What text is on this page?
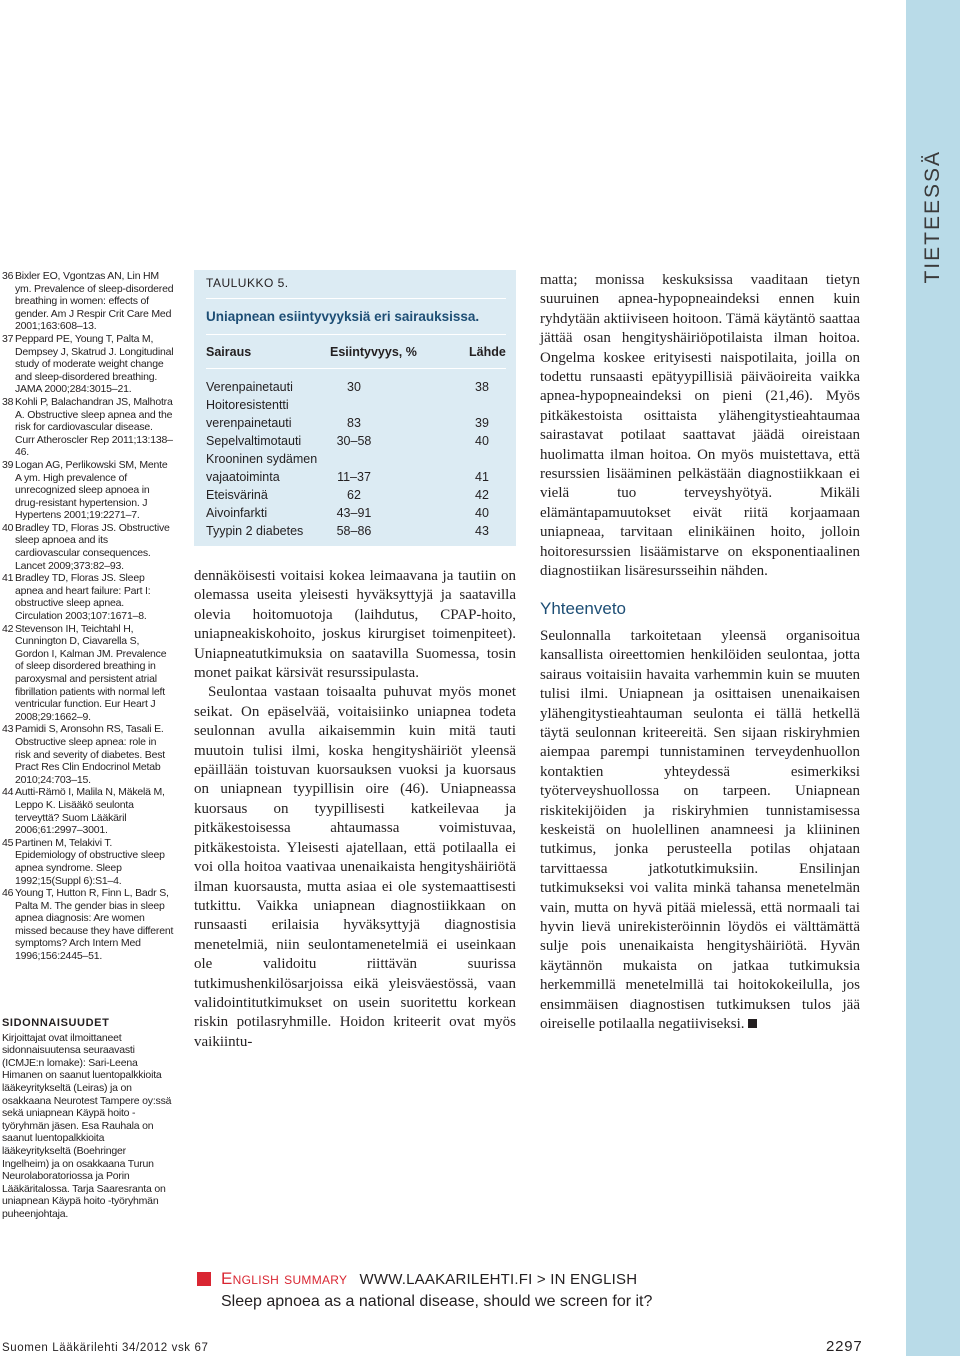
TIETEESSÄ
36 Bixler EO, Vgontzas AN, Lin HM ym. Prevalence of sleep-disordered breathing in women: effects of gender. Am J Respir Crit Care Med 2001;163:608–13.
37 Peppard PE, Young T, Palta M, Dempsey J, Skatrud J. Longitudinal study of moderate weight change and sleep-disordered breathing. JAMA 2000;284:3015–21.
38 Kohli P, Balachandran JS, Malhotra A. Obstructive sleep apnea and the risk for cardiovascular disease. Curr Atheroscler Rep 2011;13:138–46.
39 Logan AG, Perlikowski SM, Mente A ym. High prevalence of unrecognized sleep apnoea in drug-resistant hypertension. J Hypertens 2001;19:2271–7.
40 Bradley TD, Floras JS. Obstructive sleep apnoea and its cardiovascular consequences. Lancet 2009;373:82–93.
41 Bradley TD, Floras JS. Sleep apnea and heart failure: Part I: obstructive sleep apnea. Circulation 2003;107:1671–8.
42 Stevenson IH, Teichtahl H, Cunnington D, Ciavarella S, Gordon I, Kalman JM. Prevalence of sleep disordered breathing in paroxysmal and persistent atrial fibrillation patients with normal left ventricular function. Eur Heart J 2008;29:1662–9.
43 Pamidi S, Aronsohn RS, Tasali E. Obstructive sleep apnea: role in risk and severity of diabetes. Best Pract Res Clin Endocrinol Metab 2010;24:703–15.
44 Autti-Rämö I, Malila N, Mäkelä M, Leppo K. Lisääkö seulonta terveyttä? Suom Lääkäril 2006;61:2997–3001.
45 Partinen M, Telakivi T. Epidemiology of obstructive sleep apnea syndrome. Sleep 1992;15(Suppl 6):S1–4.
46 Young T, Hutton R, Finn L, Badr S, Palta M. The gender bias in sleep apnea diagnosis: Are women missed because they have different symptoms? Arch Intern Med 1996;156:2445–51.
SIDONNAISUUDET
Kirjoittajat ovat ilmoittaneet sidonnaisuutensa seuraavasti (ICMJE:n lomake): Sari-Leena Himanen on saanut luentopalkkioita lääkeyritykseltä (Leiras) ja on osakkaana Neurotest Tampere oy:ssä sekä uniapnean Käypä hoito -työryhmän jäsen. Esa Rauhala on saanut luentopalkkioita lääkeyritykseltä (Boehringer Ingelheim) ja on osakkaana Turun Neurolaboratoriossa ja Porin Lääkäritalossa. Tarja Saaresranta on uniapnean Käypä hoito -työryhmän puheenjohtaja.
TAULUKKO 5.
Uniapnean esiintyvyyksiä eri sairauksissa.
Sairaus	Esiintyvyys, %	Lähde
Verenpainetauti	30	38
Hoitoresistentti
verenpainetauti	83	39
Sepelvaltimotauti	30–58	40
Krooninen sydämen
vajaatoiminta	11–37	41
Eteisvärinä	62	42
Aivoinfarkti	43–91	40
Tyypin 2 diabetes	58–86	43

dennäköisesti voitaisi kokea leimaavana ja tautiin on olemassa useita yleisesti hyväksyttyjä ja saatavilla olevia hoitomuotoja (laihdutus, CPAP-hoito, uniapneakiskohoito, joskus kirurgiset toimenpiteet). Uniapneatutkimuksia on saatavilla Suomessa, tosin monet paikat kärsivät resurssipulasta.

Seulontaa vastaan toisaalta puhuvat myös monet seikat. On epäselvää, voitaisiinko uniapnea todeta seulonnan avulla aikaisemmin kuin mitä tauti muutoin tulisi ilmi, koska hengityshäiriöt yleensä epäillään toistuvan kuorsauksen vuoksi ja kuorsaus on uniapnean tyypillisin oire (46). Uniapneassa kuorsaus on tyypillisesti katkeilevaa ja pitkäkestoisessa ahtaumassa voimistuvaa, pitkäkestoista. Yleisesti ajatellaan, että potilaalla ei voi olla hoitoa vaativaa unenaikaista hengityshäiriötä ilman kuorsausta, mutta asiaa ei ole systemaattisesti tutkittu. Vaikka uniapnean diagnostiikkaan on runsaasti erilaisia hyväksyttyjä diagnostisia menetelmiä, niin seulontamenetelmiä ei useinkaan ole validoitu riittävän suurissa tutkimushenkilösarjoissa eikä yleisväestössä, vaan validointitutkimukset on usein suoritettu korkean riskin potilasryhmille. Hoidon kriteerit ovat myös vaikiintu-

matta; monissa keskuksissa vaaditaan tietyn suuruinen apnea-hypopneaindeksi ennen kuin ryhdytään aktiiviseen hoitoon. Tämä käytäntö saattaa jättää osan hengityshäiriöpotilaista ilman hoitoa. Ongelma koskee erityisesti naispotilaita, joilla on todettu runsaasti epätyypillisiä päiväoireita vaikka apnea-hypopneaindeksi on pieni (21,46). Myös pitkäkestoista osittaista ylähengitystieahtaumaa sairastavat potilaat saattavat jäädä oireistaan huolimatta ilman hoitoa. On myös muistettava, että resurssien lisääminen pelkästään diagnostiikkaan ei vielä tuo terveyshyötyä. Mikäli elämäntapamuutokset eivät riitä korjaamaan uniapneaa, tarvitaan elinikäinen hoito, jolloin hoitoresurssien lisäämistarve on eksponentiaalinen diagnostiikan lisäresursseihin nähden.

Yhteenveto

Seulonnalla tarkoitetaan yleensä organisoitua kansallista oireettomien henkilöiden seulontaa, jotta sairaus voitaisiin havaita varhemmin kuin se muuten tulisi ilmi. Uniapnean ja osittaisen unenaikaisen ylähengitystieahtauman seulonta ei tällä hetkellä täytä seulonnan kriteereitä. Sen sijaan riskiryhmien aiempaa parempi tunnistaminen terveydenhuollon kontaktien yhteydessä esimerkiksi työterveyshuollossa on tarpeen. Uniapnean riskitekijöiden ja riskiryhmien tunnistamisessa keskeistä on huolellinen anamneesi ja kliininen tutkimus, jonka perusteella potilas ohjataan tarvittaessa jatkotutkimuksiin. Ensilinjan tutkimukseksi voi valita minkä tahansa menetelmän vain, mutta on hyvä pitää mielessä, että normaali tai hyvin lievä unirekisteröinnin löydös ei välttämättä sulje pois unenaikaista hengityshäiriötä. Hyvän käytännön mukaista on jatkaa tutkimuksia herkemmillä menetelmillä tai hoitokokeilulla, jos ensimmäisen diagnostisen tutkimuksen tulos jää oireiselle potilaalla negatiiviseksi.

English summary WWW.LAAKARILEHTI.FI > IN ENGLISH
Sleep apnoea as a national disease, should we screen for it?
Suomen Lääkärilehti 34/2012 vsk 67	2297
